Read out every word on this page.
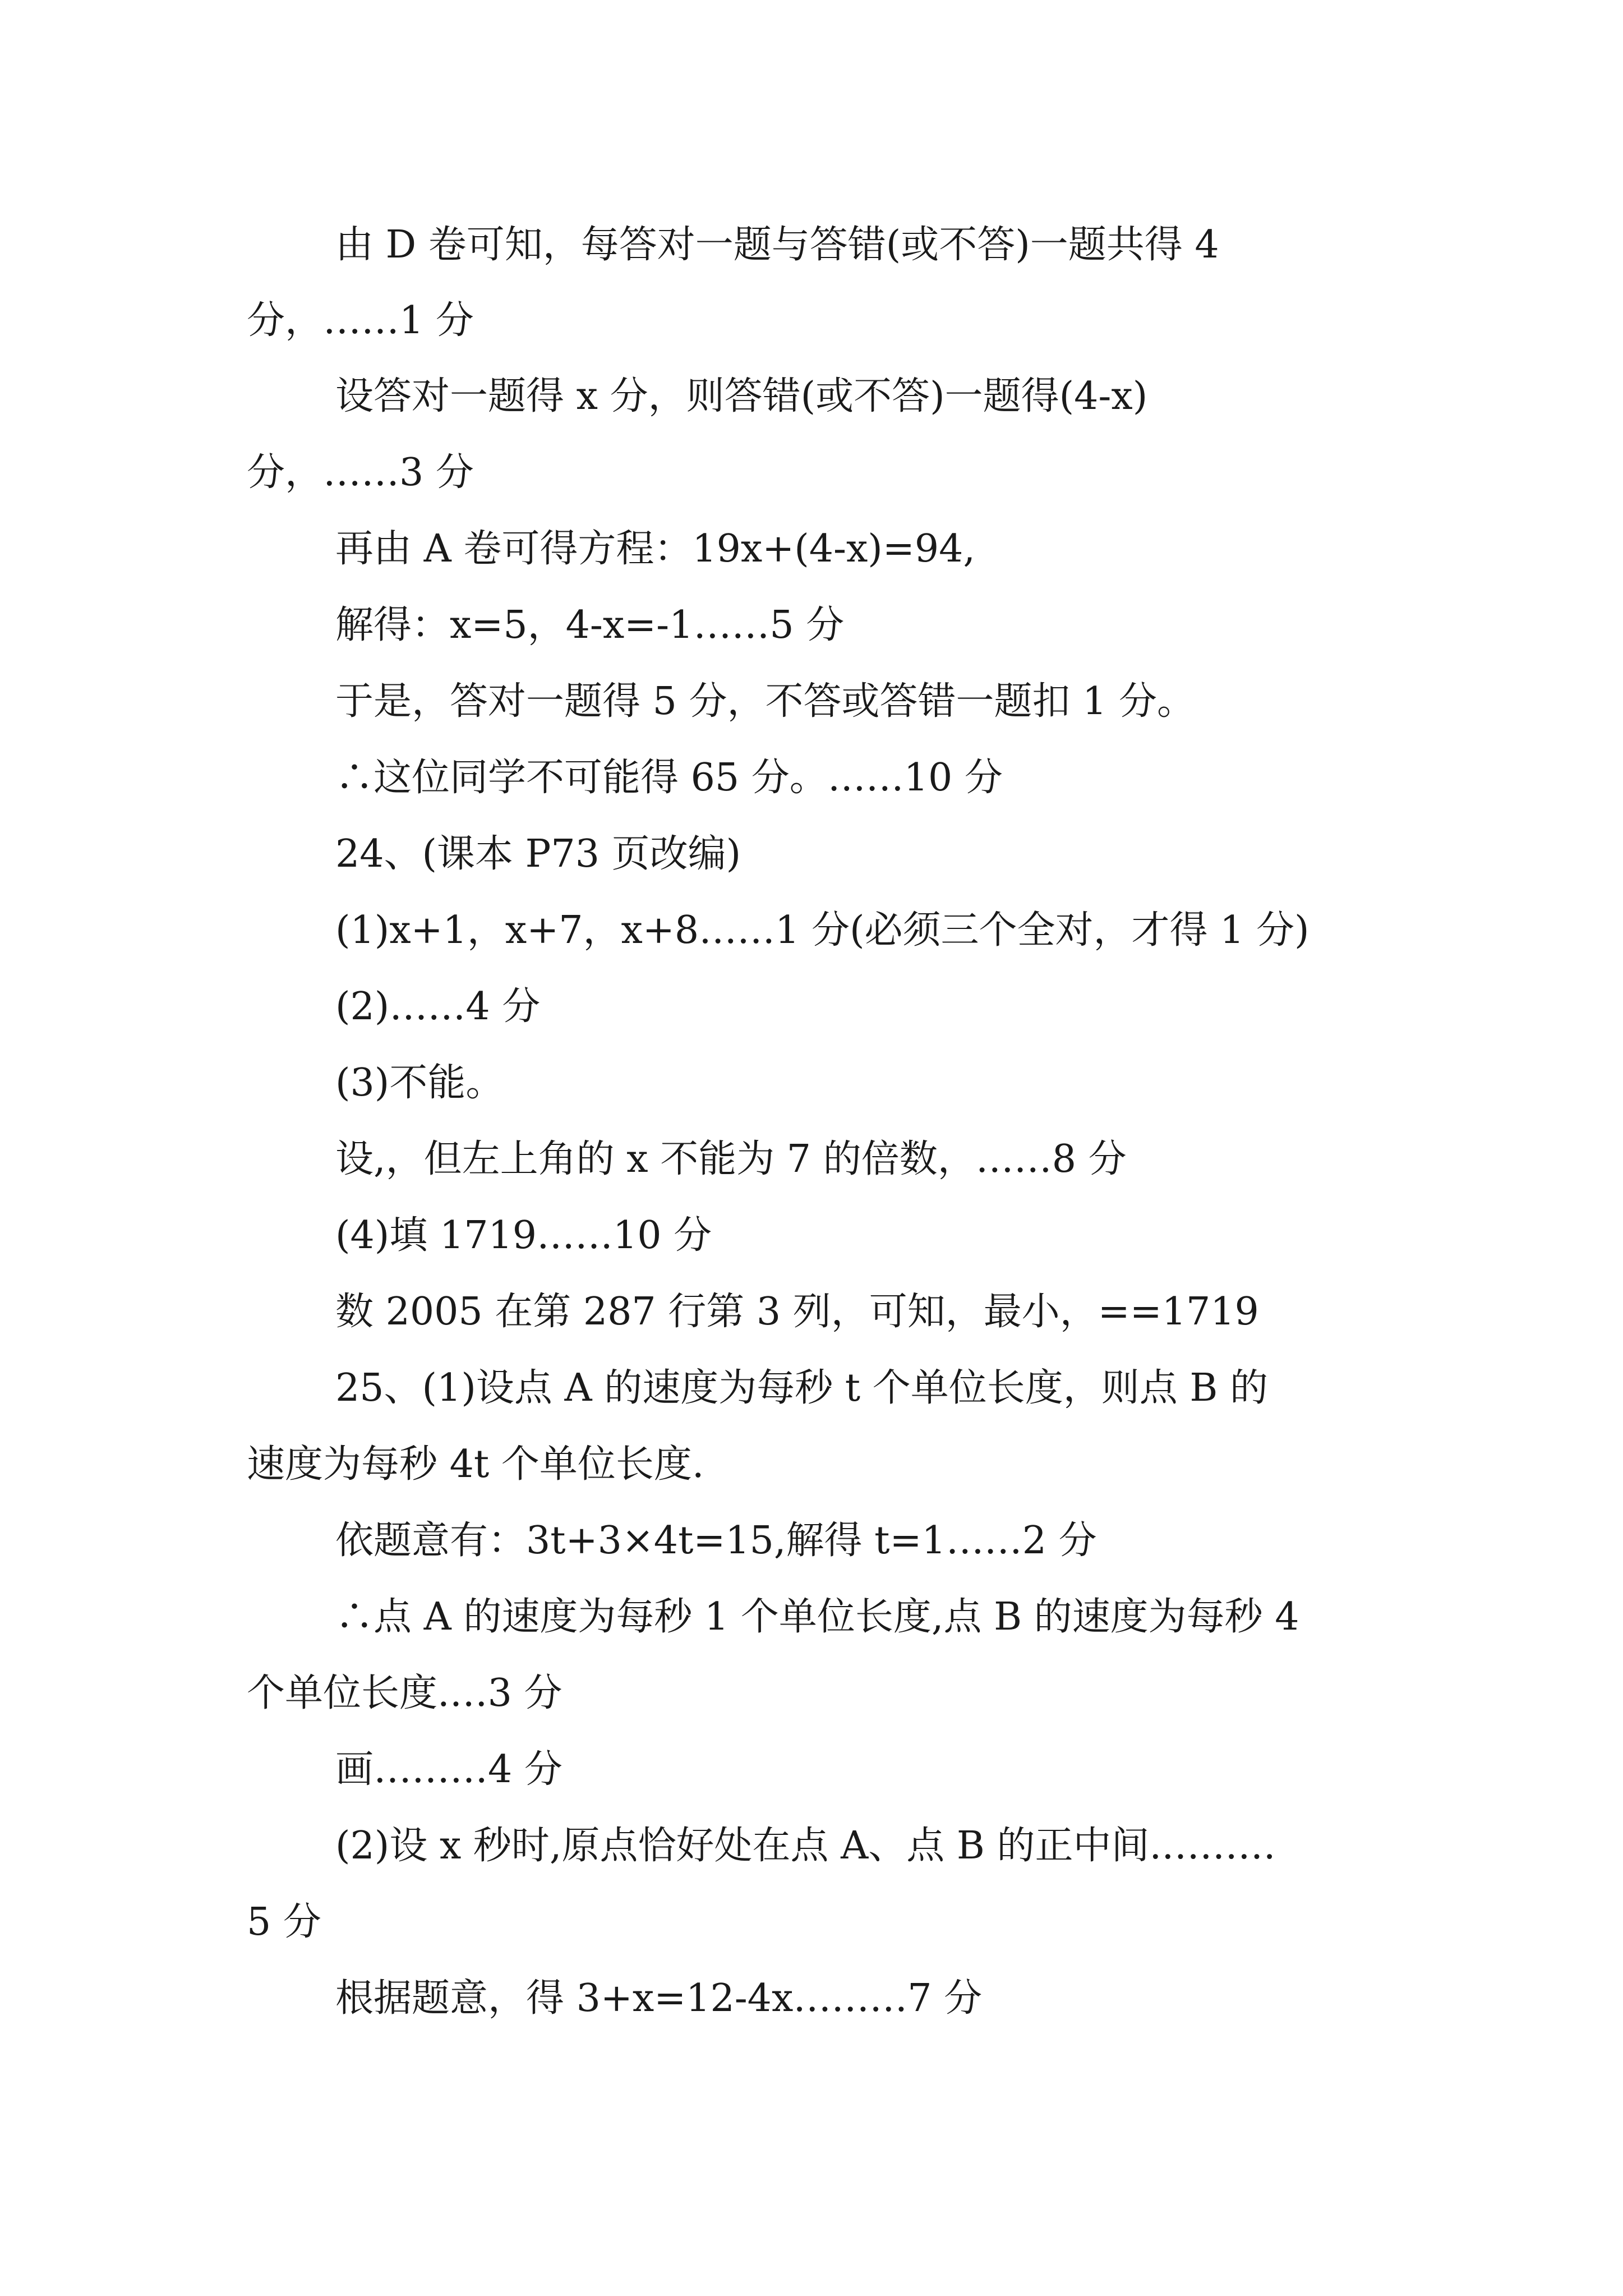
由 D 卷可知，每答对一题与答错(或不答)一题共得 4
分，……1 分
设答对一题得 x 分，则答错(或不答)一题得(4-x)
分，……3 分
再由 A 卷可得方程：19x+(4-x)=94,
解得：x=5，4-x=-1……5 分
于是，答对一题得 5 分，不答或答错一题扣 1 分。
∴这位同学不可能得 65 分。……10 分
24、(课本 P73 页改编)
(1)x+1，x+7，x+8……1 分(必须三个全对，才得 1 分)
(2)……4 分
(3)不能。
设,，但左上角的 x 不能为 7 的倍数，……8 分
(4)填 1719……10 分
数 2005 在第 287 行第 3 列，可知，最小，==1719
25、(1)设点 A 的速度为每秒 t 个单位长度，则点 B 的
速度为每秒 4t 个单位长度.
依题意有：3t+3×4t=15,解得 t=1……2 分
∴点 A 的速度为每秒 1 个单位长度,点 B 的速度为每秒 4
个单位长度.…3 分
画………4 分
(2)设 x 秒时,原点恰好处在点 A、点 B 的正中间.………
5 分
根据题意，得 3+x=12-4x………7 分
